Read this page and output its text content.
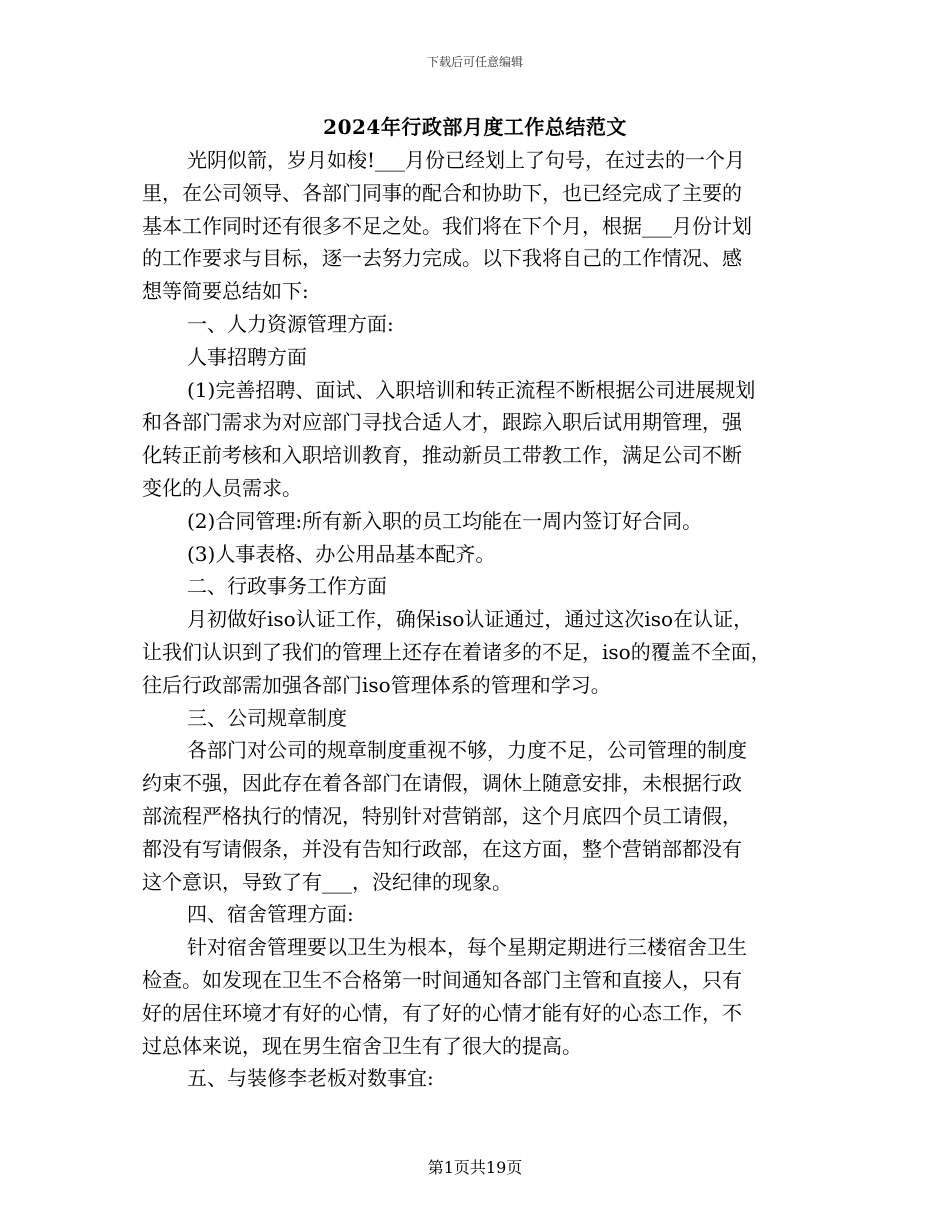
下载后可任意编辑
2024年行政部月度工作总结范文
光阴似箭，岁月如梭!___月份已经划上了句号，在过去的一个月
里，在公司领导、各部门同事的配合和协助下，也已经完成了主要的
基本工作同时还有很多不足之处。我们将在下个月，根据___月份计划
的工作要求与目标，逐一去努力完成。以下我将自己的工作情况、感
想等简要总结如下:
一、人力资源管理方面:
人事招聘方面
(1)完善招聘、面试、入职培训和转正流程不断根据公司进展规划
和各部门需求为对应部门寻找合适人才，跟踪入职后试用期管理，强
化转正前考核和入职培训教育，推动新员工带教工作，满足公司不断
变化的人员需求。
(2)合同管理:所有新入职的员工均能在一周内签订好合同。
(3)人事表格、办公用品基本配齐。
二、行政事务工作方面
月初做好iso认证工作，确保iso认证通过，通过这次iso在认证，
让我们认识到了我们的管理上还存在着诸多的不足，iso的覆盖不全面，
往后行政部需加强各部门iso管理体系的管理和学习。
三、公司规章制度
各部门对公司的规章制度重视不够，力度不足，公司管理的制度
约束不强，因此存在着各部门在请假，调休上随意安排，未根据行政
部流程严格执行的情况，特别针对营销部，这个月底四个员工请假，
都没有写请假条，并没有告知行政部，在这方面，整个营销部都没有
这个意识，导致了有___，没纪律的现象。
四、宿舍管理方面:
针对宿舍管理要以卫生为根本，每个星期定期进行三楼宿舍卫生
检查。如发现在卫生不合格第一时间通知各部门主管和直接人，只有
好的居住环境才有好的心情，有了好的心情才能有好的心态工作，不
过总体来说，现在男生宿舍卫生有了很大的提高。
五、与装修李老板对数事宜:
第1页共19页
